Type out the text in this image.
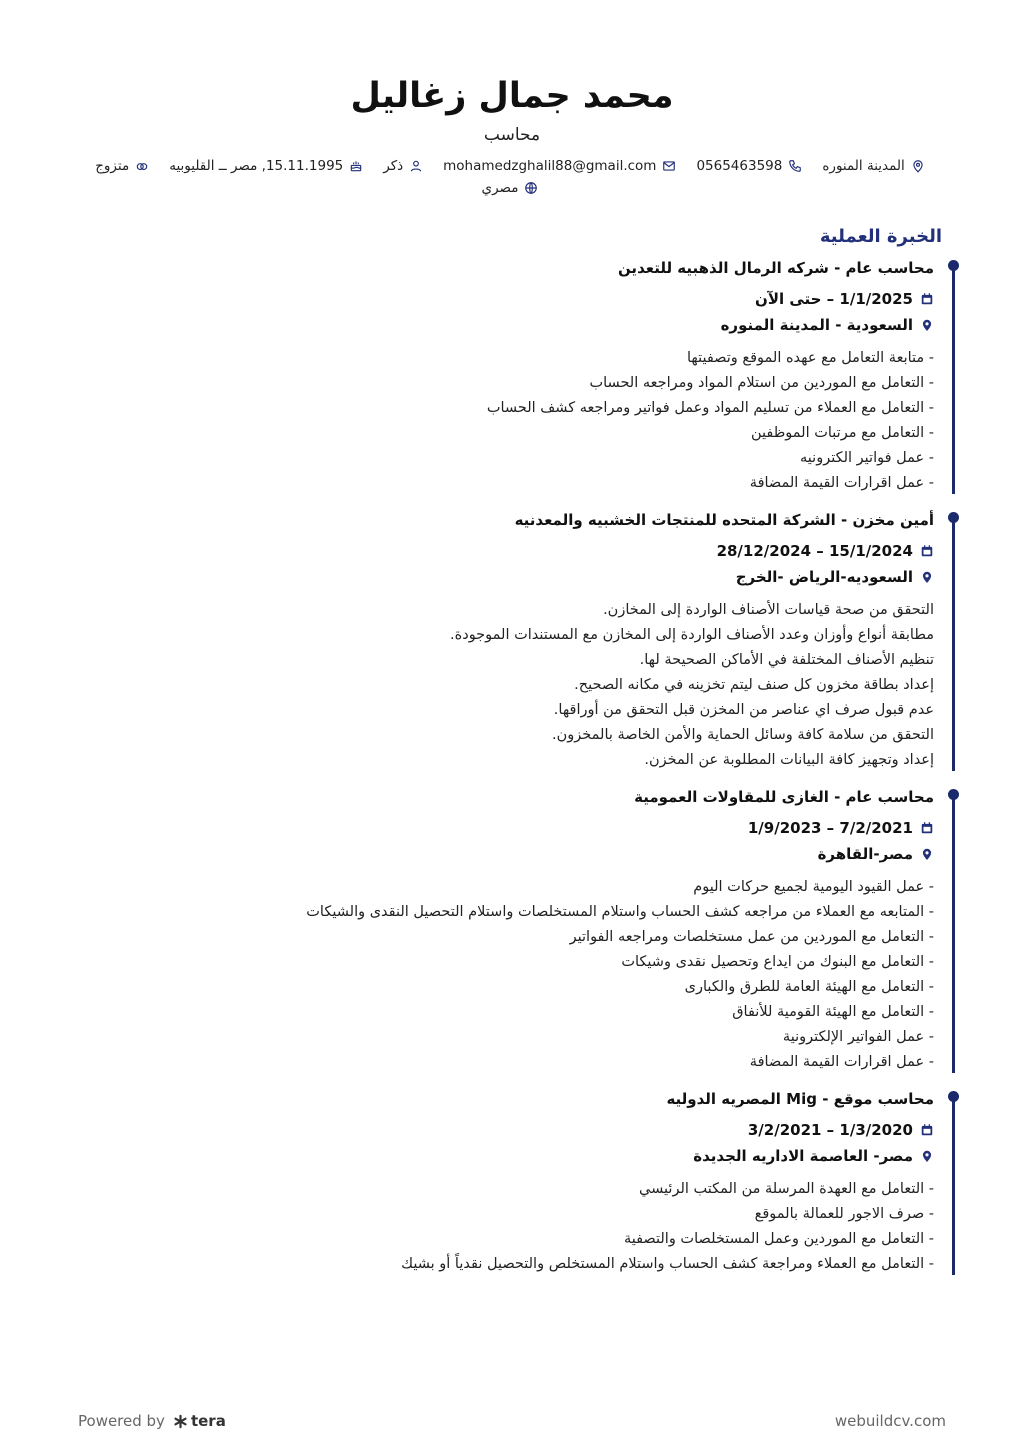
محمد جمال زغاليل

محاسب

المدينة المنوره
0565463598
mohamedzghalil88@gmail.com
ذكر
15.11.1995, مصر ــ القليوبيه
متزوج
مصري
الخبرة العملية
محاسب عام - شركه الرمال الذهبيه للتعدين
1/1/2025 – حتى الآن
السعودية - المدينة المنوره
- متابعة التعامل مع عهده الموقع وتصفيتها
- التعامل مع الموردين من استلام المواد ومراجعه الحساب
- التعامل مع العملاء من تسليم المواد وعمل فواتير ومراجعه كشف الحساب
- التعامل مع مرتبات الموظفين
- عمل فواتير الكترونيه
- عمل اقرارات القيمة المضافة
أمين مخزن - الشركة المتحده للمنتجات الخشبيه والمعدنيه
15/1/2024 – 28/12/2024
السعوديه-الرياض -الخرج
التحقق من صحة قياسات الأصناف الواردة إلى المخازن.
مطابقة أنواع وأوزان وعدد الأصناف الواردة إلى المخازن مع المستندات الموجودة.
تنظيم الأصناف المختلفة في الأماكن الصحيحة لها.
إعداد بطاقة مخزون كل صنف ليتم تخزينه في مكانه الصحيح.
عدم قبول صرف اي عناصر من المخزن قبل التحقق من أوراقها.
التحقق من سلامة كافة وسائل الحماية والأمن الخاصة بالمخزون.
إعداد وتجهيز كافة البيانات المطلوبة عن المخزن.
محاسب عام - الغازى للمقاولات العمومية
7/2/2021 – 1/9/2023
مصر-القاهرة
- عمل القيود اليومية لجميع حركات اليوم
- المتابعه مع العملاء من مراجعه كشف الحساب واستلام المستخلصات واستلام التحصيل النقدى والشيكات
- التعامل مع الموردين من عمل مستخلصات ومراجعه الفواتير
- التعامل مع البنوك من ايداع وتحصيل نقدى وشيكات
- التعامل مع الهيئة العامة للطرق والكبارى
- التعامل مع الهيئة القومية للأنفاق
- عمل الفواتير الإلكترونية
- عمل اقرارات القيمة المضافة
محاسب موقع - Mig المصريه الدوليه
1/3/2020 – 3/2/2021
مصر- العاصمة الاداريه الجديدة
- التعامل مع العهدة المرسلة من المكتب الرئيسي
- صرف الاجور للعمالة بالموقع
- التعامل مع الموردين وعمل المستخلصات والتصفية
- التعامل مع العملاء ومراجعة كشف الحساب واستلام المستخلص والتحصيل نقدياً أو بشيك
Powered by tera	webuildcv.com
